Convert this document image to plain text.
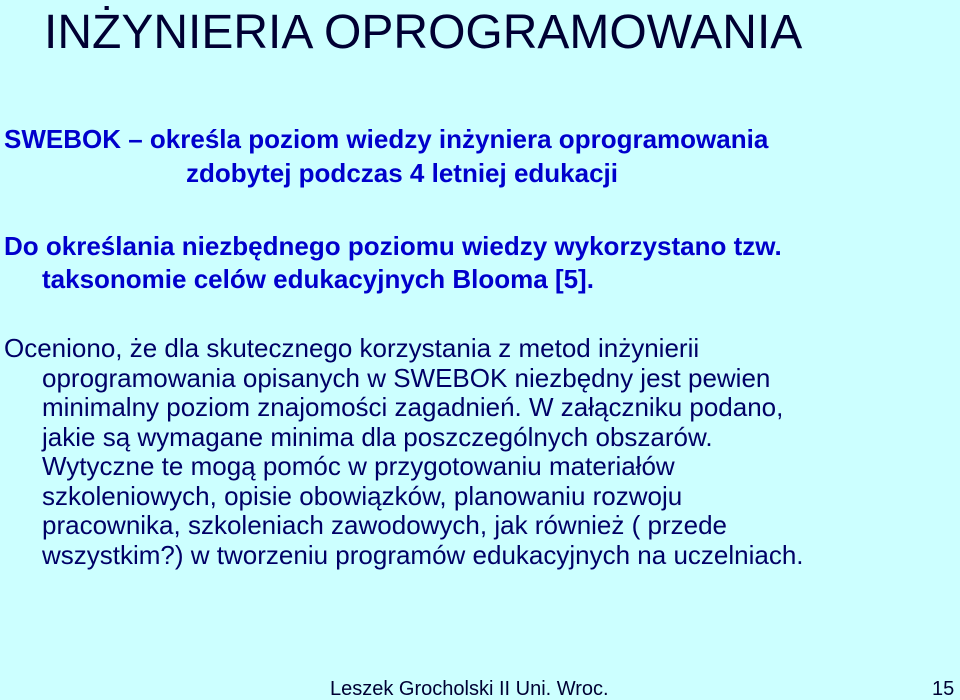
INŻYNIERIA OPROGRAMOWANIA
SWEBOK – określa poziom wiedzy inżyniera oprogramowania
zdobytej podczas 4 letniej edukacji
Do określania niezbędnego poziomu wiedzy wykorzystano tzw.
taksonomie celów edukacyjnych Blooma [5].
Oceniono, że dla skutecznego korzystania z metod inżynierii
oprogramowania opisanych w SWEBOK niezbędny jest pewien
minimalny poziom znajomości zagadnień. W załączniku podano,
jakie są wymagane minima dla poszczególnych obszarów.
Wytyczne te mogą pomóc w przygotowaniu materiałów
szkoleniowych, opisie obowiązków, planowaniu rozwoju
pracownika, szkoleniach zawodowych, jak również ( przede
wszystkim?) w tworzeniu programów edukacyjnych na uczelniach.
Leszek Grocholski II Uni. Wroc.	15
